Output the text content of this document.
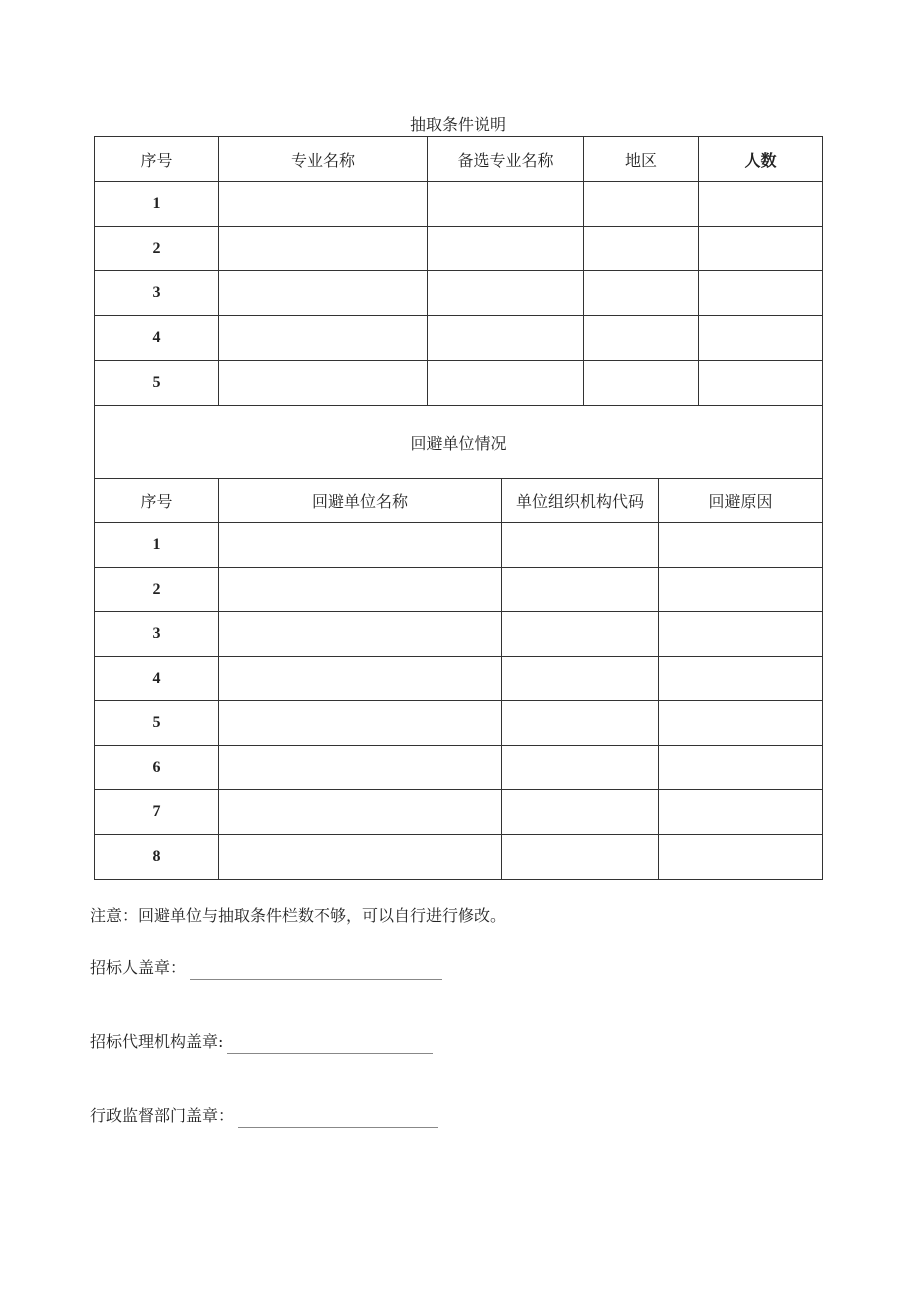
抽取条件说明
序号	专业名称	备选专业名称	地区	人数
1				
2				
3				
4				
5				
回避单位情况			
序号	回避单位名称	单位组织机构代码	回避原因
1			
2			
3			
4			
5			
6			
7			
8			
注意：回避单位与抽取条件栏数不够，可以自行进行修改。
招标人盖章：
招标代理机构盖章:
行政监督部门盖章：
